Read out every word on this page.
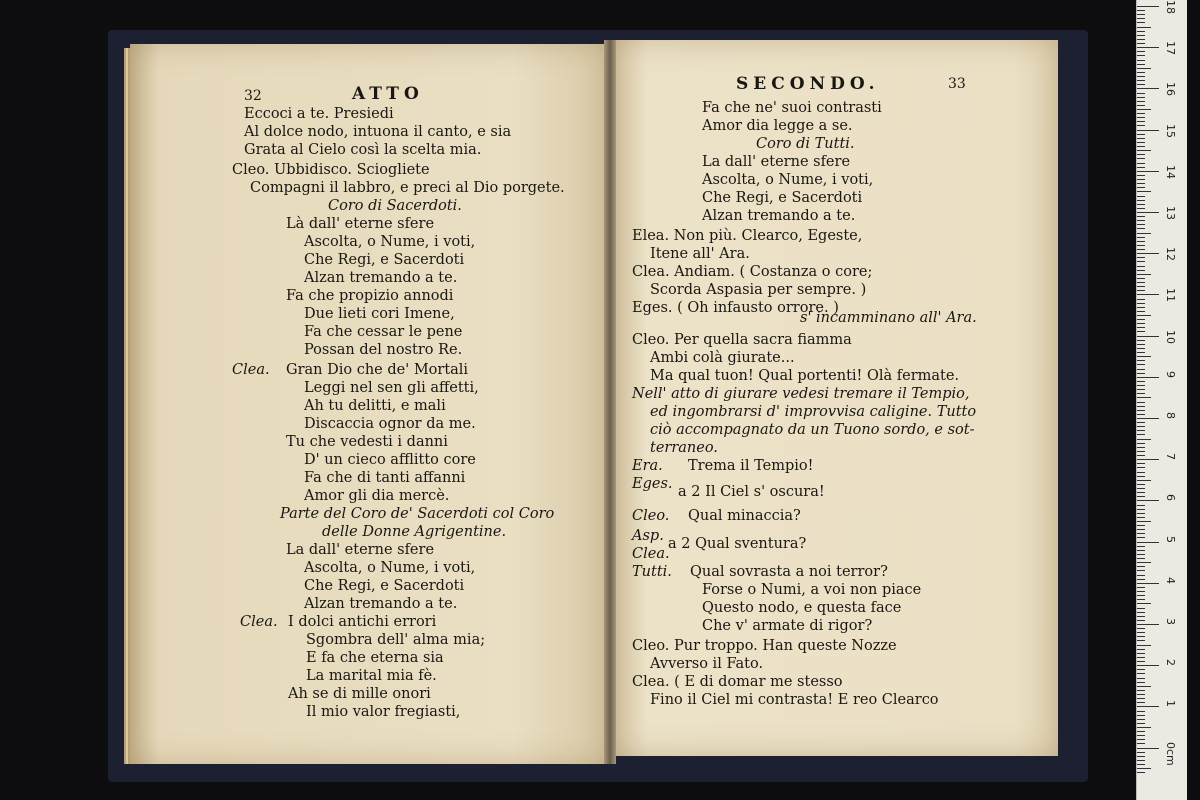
32	ATTO	SECONDO.	33
Eccoci a te. Presiedi
Al dolce nodo, intuona il canto, e sia
Grata al Cielo così la scelta mia.
Cleo. Ubbidisco. Sciogliete
Compagni il labbro, e preci al Dio porgete.
Coro di Sacerdoti.
Là dall' eterne sfere
Ascolta, o Nume, i voti,
Che Regi, e Sacerdoti
Alzan tremando a te.
Fa che propizio annodi
Due lieti cori Imene,
Fa che cessar le pene
Possan del nostro Re.
Clea. Gran Dio che de' Mortali
Leggi nel sen gli affetti,
Ah tu delitti, e mali
Discaccia ognor da me.
Tu che vedesti i danni
D' un cieco afflitto core
Fa che di tanti affanni
Amor gli dia mercè.
Parte del Coro de' Sacerdoti col Coro
delle Donne Agrigentine.
La dall' eterne sfere
Ascolta, o Nume, i voti,
Che Regi, e Sacerdoti
Alzan tremando a te.
Clea. I dolci antichi errori
Sgombra dell' alma mia;
E fa che eterna sia
La marital mia fè.
Ah se di mille onori
Il mio valor fregiasti,
Fa che ne' suoi contrasti
Amor dia legge a se.
Coro di Tutti.
La dall' eterne sfere
Ascolta, o Nume, i voti,
Che Regi, e Sacerdoti
Alzan tremando a te.
Elea. Non più. Clearco, Egeste,
Itene all' Ara.
Clea. Andiam. ( Costanza o core;
Scorda Aspasia per sempre. )
Eges. ( Oh infausto orrore. )
s' incamminano all' Ara.
Cleo. Per quella sacra fiamma
Ambi colà giurate...
Ma qual tuon! Qual portenti! Olà fermate.
Nell' atto di giurare vedesi tremare il Tempio,
ed ingombrarsi d' improvvisa caligine. Tutto
ciò accompagnato da un Tuono sordo, e sot-
terraneo.
Era. Trema il Tempio!
Eges. a 2 Il Ciel s' oscura!
Cleo. Qual minaccia?
Asp. a 2 Qual sventura?
Clea.
Tutti. Qual sovrasta a noi terror?
Forse o Numi, a voi non piace
Questo nodo, e questa face
Che v' armate di rigor?
Cleo. Pur troppo. Han queste Nozze
Avverso il Fato.
Clea. ( E di domar me stesso
Fino il Ciel mi contrasta! E reo Clearco
18
17
16
15
14
13
12
11
10
9
8
7
6
5
4
3
2
1
0cm
